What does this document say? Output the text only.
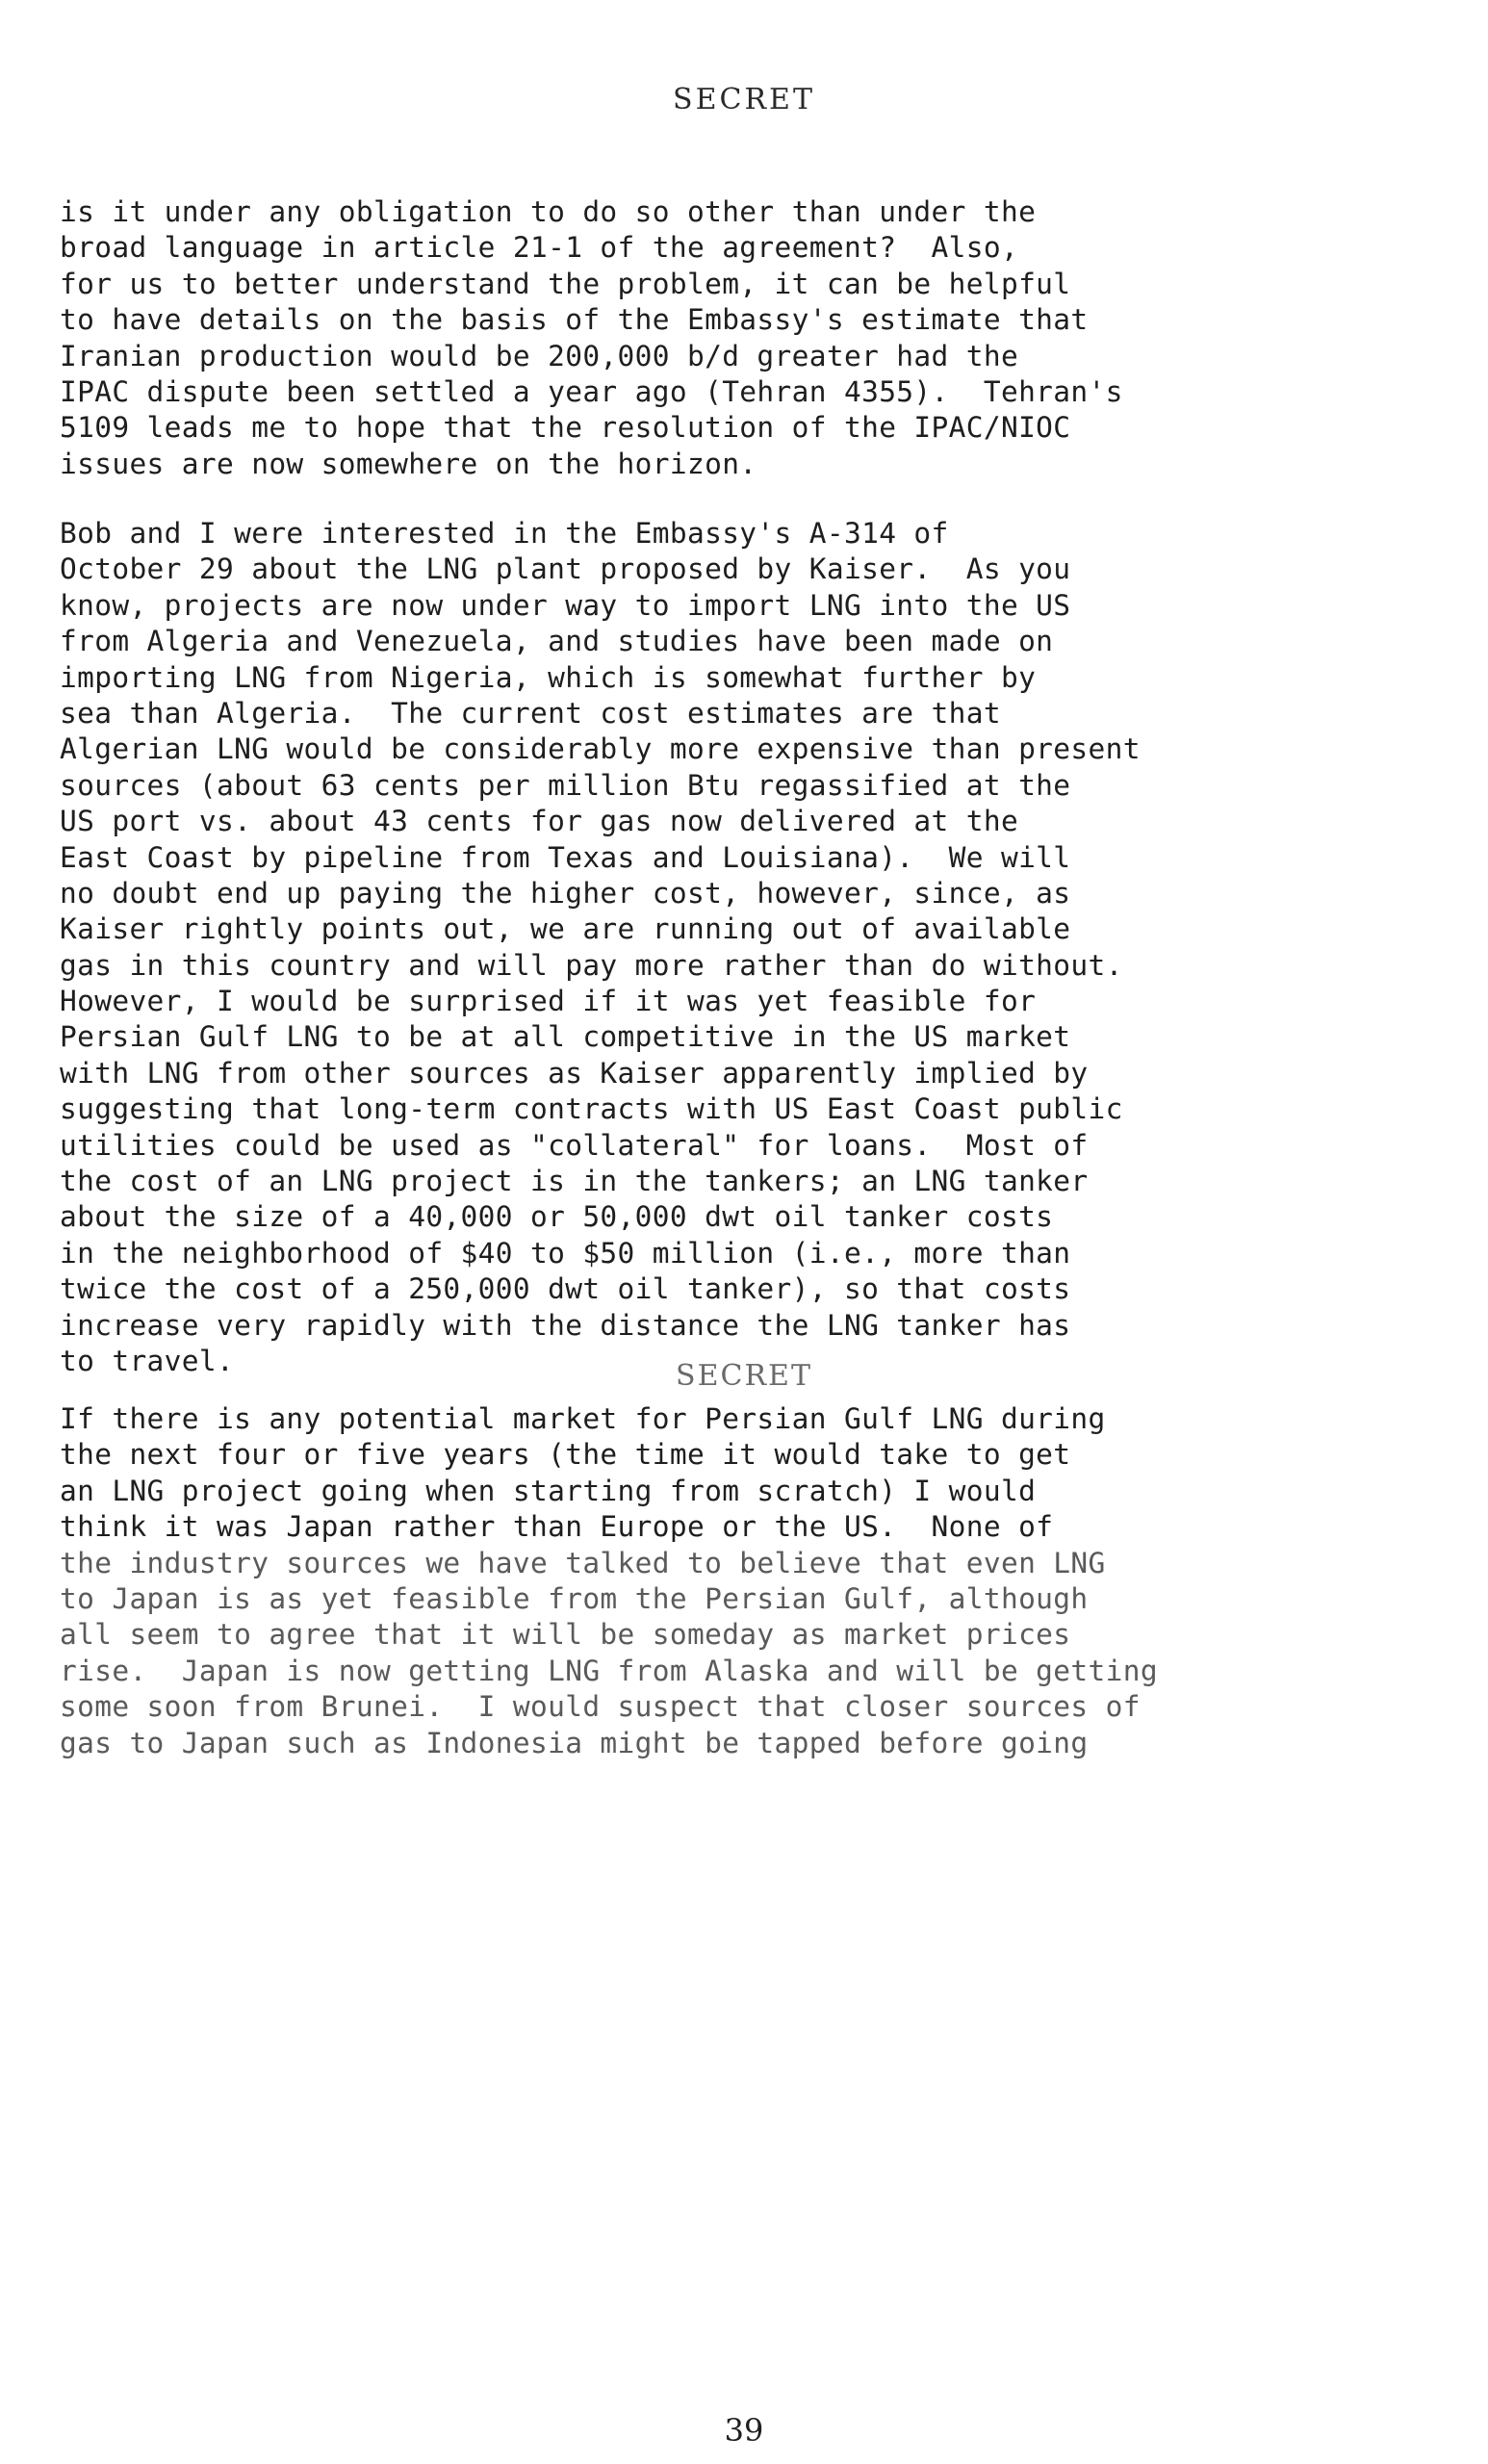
SECRET
is it under any obligation to do so other than under the
broad language in article 21-1 of the agreement?  Also,
for us to better understand the problem, it can be helpful
to have details on the basis of the Embassy's estimate that
Iranian production would be 200,000 b/d greater had the
IPAC dispute been settled a year ago (Tehran 4355).  Tehran's
5109 leads me to hope that the resolution of the IPAC/NIOC
issues are now somewhere on the horizon.
Bob and I were interested in the Embassy's A-314 of
October 29 about the LNG plant proposed by Kaiser.  As you
know, projects are now under way to import LNG into the US
from Algeria and Venezuela, and studies have been made on
importing LNG from Nigeria, which is somewhat further by
sea than Algeria.  The current cost estimates are that
Algerian LNG would be considerably more expensive than present
sources (about 63 cents per million Btu regassified at the
US port vs. about 43 cents for gas now delivered at the
East Coast by pipeline from Texas and Louisiana).  We will
no doubt end up paying the higher cost, however, since, as
Kaiser rightly points out, we are running out of available
gas in this country and will pay more rather than do without.
However, I would be surprised if it was yet feasible for
Persian Gulf LNG to be at all competitive in the US market
with LNG from other sources as Kaiser apparently implied by
suggesting that long-term contracts with US East Coast public
utilities could be used as "collateral" for loans.  Most of
the cost of an LNG project is in the tankers; an LNG tanker
about the size of a 40,000 or 50,000 dwt oil tanker costs
in the neighborhood of $40 to $50 million (i.e., more than
twice the cost of a 250,000 dwt oil tanker), so that costs
increase very rapidly with the distance the LNG tanker has
to travel.
If there is any potential market for Persian Gulf LNG during
the next four or five years (the time it would take to get
an LNG project going when starting from scratch) I would
think it was Japan rather than Europe or the US.  None of
the industry sources we have talked to believe that even LNG
to Japan is as yet feasible from the Persian Gulf, although
all seem to agree that it will be someday as market prices
rise.  Japan is now getting LNG from Alaska and will be getting
some soon from Brunei.  I would suspect that closer sources of
gas to Japan such as Indonesia might be tapped before going
SECRET
39
